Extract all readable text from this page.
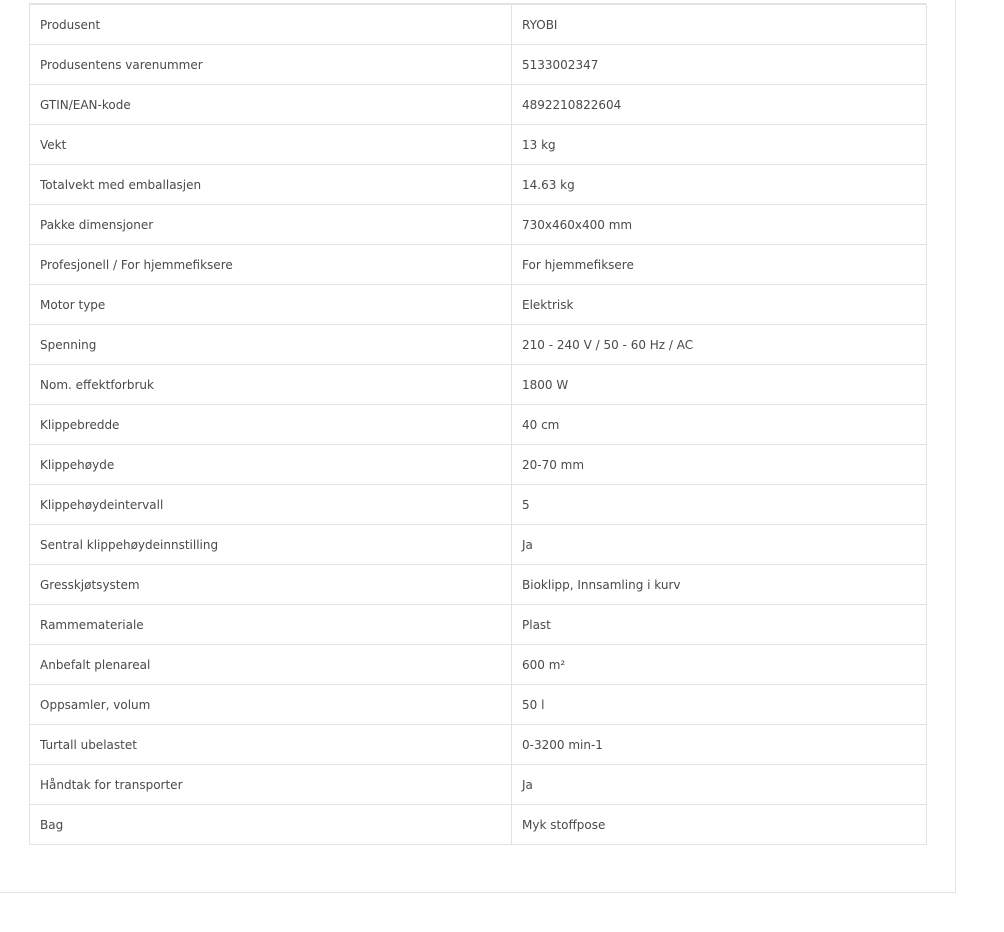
Produsent	RYOBI
Produsentens varenummer	5133002347
GTIN/EAN-kode	4892210822604
Vekt	13 kg
Totalvekt med emballasjen	14.63 kg
Pakke dimensjoner	730x460x400 mm
Profesjonell / For hjemmefiksere	For hjemmefiksere
Motor type	Elektrisk
Spenning	210 - 240 V / 50 - 60 Hz / AC
Nom. effektforbruk	1800 W
Klippebredde	40 cm
Klippehøyde	20-70 mm
Klippehøydeintervall	5
Sentral klippehøydeinnstilling	Ja
Gresskjøtsystem	Bioklipp, Innsamling i kurv
Rammemateriale	Plast
Anbefalt plenareal	600 m²
Oppsamler, volum	50 l
Turtall ubelastet	0-3200 min-1
Håndtak for transporter	Ja
Bag	Myk stoffpose
